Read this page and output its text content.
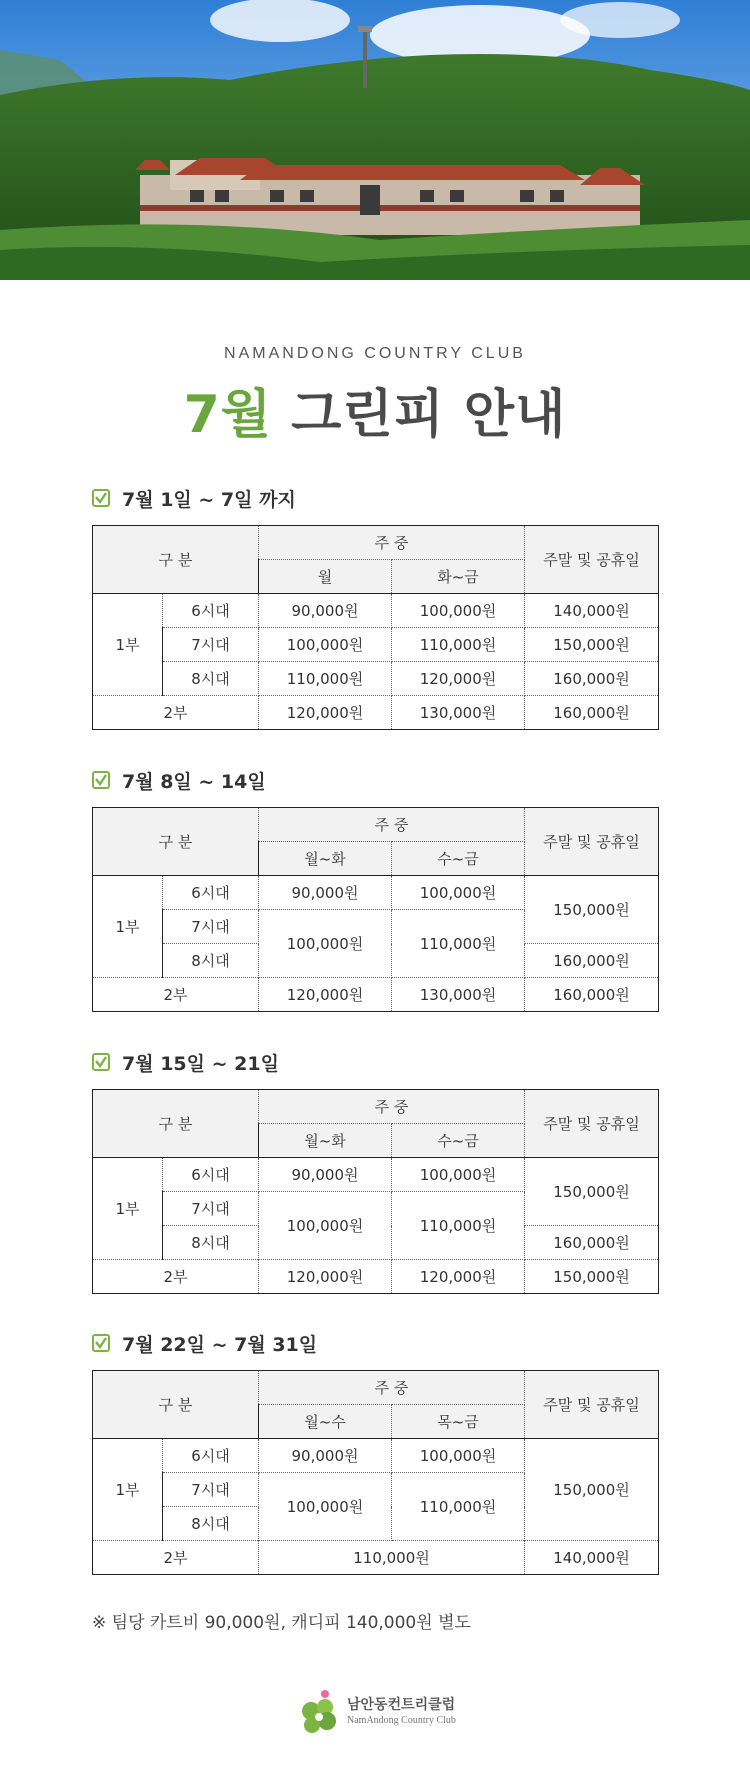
NAMANDONG COUNTRY CLUB
7월 그린피 안내
7월 1일 ~ 7일 까지
구 분		주 중		주말 및 공휴일
		월	화~금	
1부	6시대	90,000원	100,000원	140,000원
	7시대	100,000원	110,000원	150,000원
	8시대	110,000원	120,000원	160,000원
2부		120,000원	130,000원	160,000원
7월 8일 ~ 14일
구 분		주 중		주말 및 공휴일
		월~화	수~금	
1부	6시대	90,000원	100,000원	150,000원
	7시대	100,000원	110,000원	
	8시대			160,000원
2부		120,000원	130,000원	160,000원
7월 15일 ~ 21일
구 분		주 중		주말 및 공휴일
		월~화	수~금	
1부	6시대	90,000원	100,000원	150,000원
	7시대	100,000원	110,000원	
	8시대			160,000원
2부		120,000원	120,000원	150,000원
7월 22일 ~ 7월 31일
구 분		주 중		주말 및 공휴일
		월~수	목~금	
1부	6시대	90,000원	100,000원	150,000원
	7시대	100,000원	110,000원	
	8시대			
2부		110,000원		140,000원
※ 팀당 카트비 90,000원, 캐디피 140,000원 별도
남안동컨트리클럽
NamAndong Country Club
